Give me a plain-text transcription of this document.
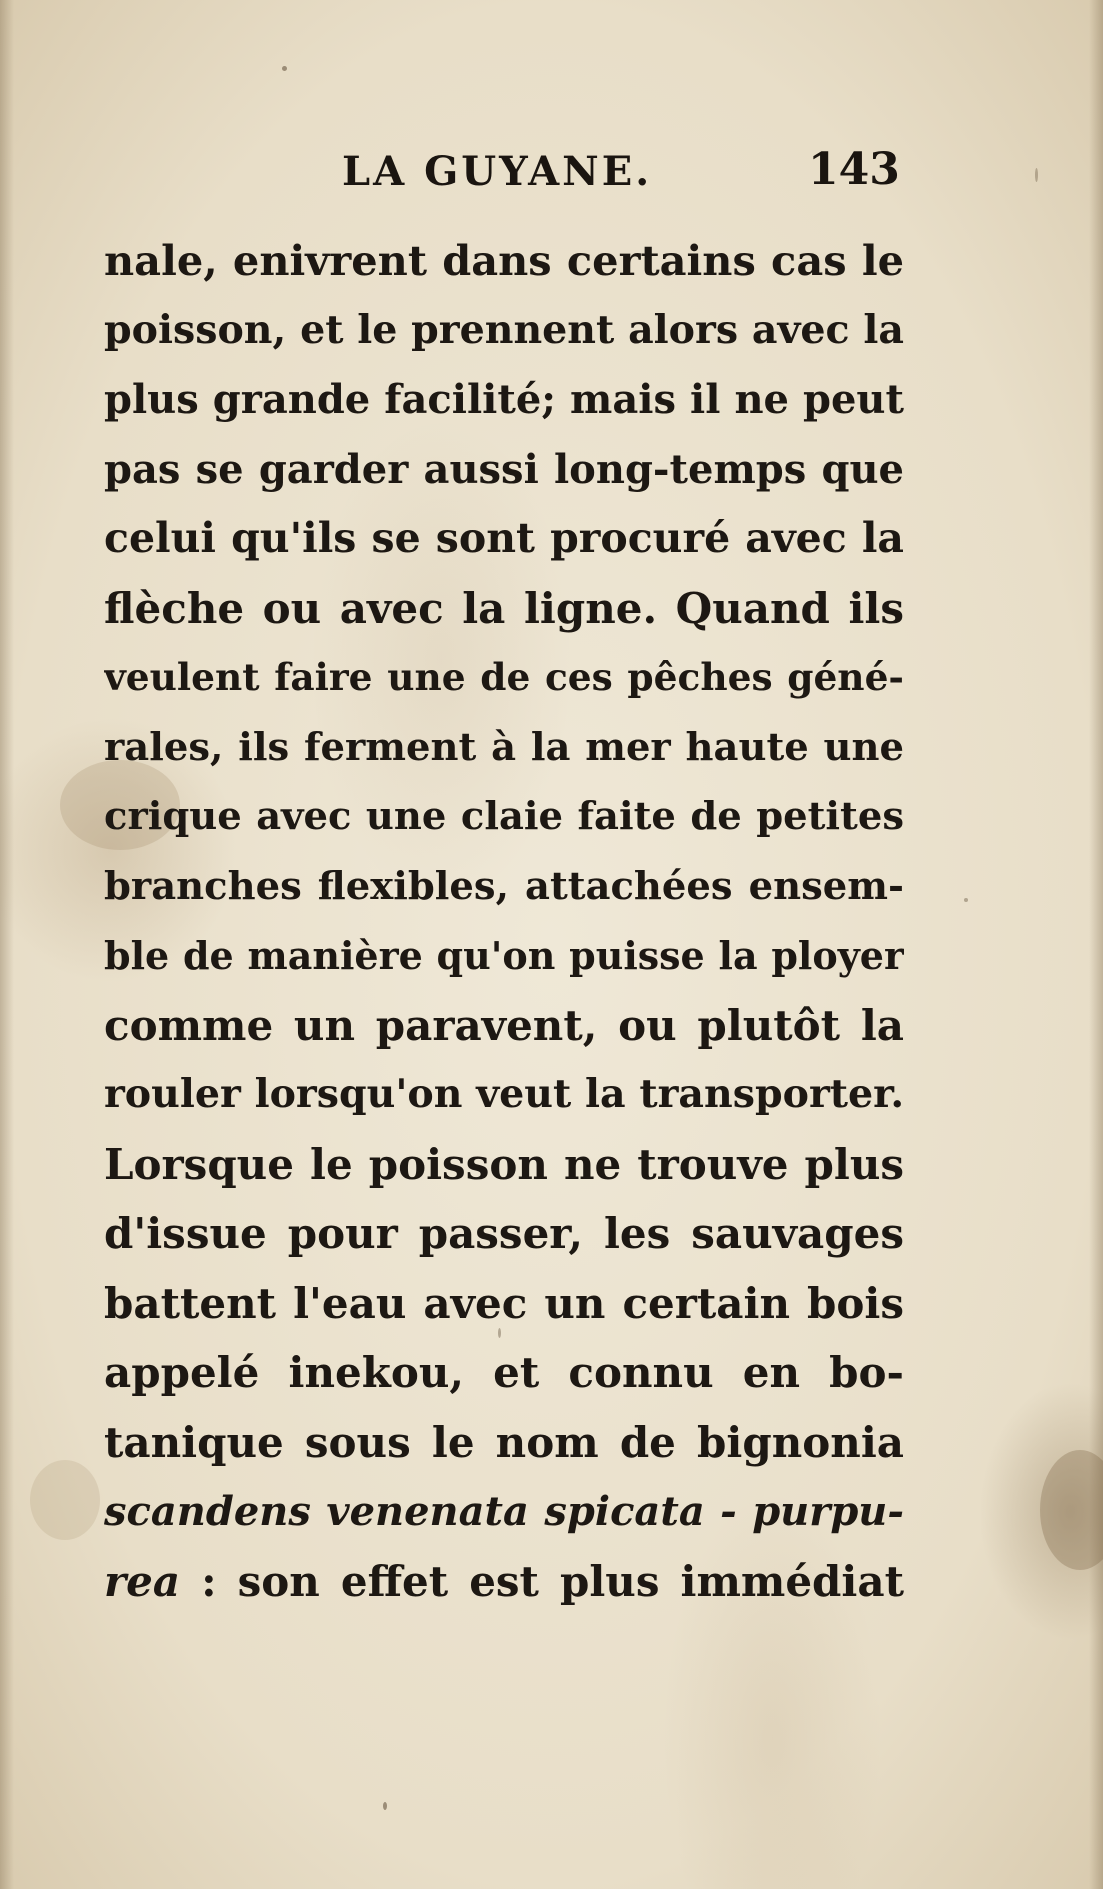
LA GUYANE.	143
nale, enivrent dans certains cas le
poisson, et le prennent alors avec la
plus grande facilité; mais il ne peut
pas se garder aussi long-temps que
celui qu'ils se sont procuré avec la
flèche ou avec la ligne. Quand ils
veulent faire une de ces pêches géné-
rales, ils ferment à la mer haute une
crique avec une claie faite de petites
branches flexibles, attachées ensem-
ble de manière qu'on puisse la ployer
comme un paravent, ou plutôt la
rouler lorsqu'on veut la transporter.
Lorsque le poisson ne trouve plus
d'issue pour passer, les sauvages
battent l'eau avec un certain bois
appelé inekou, et connu en bo-
tanique sous le nom de bignonia
scandens venenata spicata - purpu-
rea : son effet est plus immédiat
